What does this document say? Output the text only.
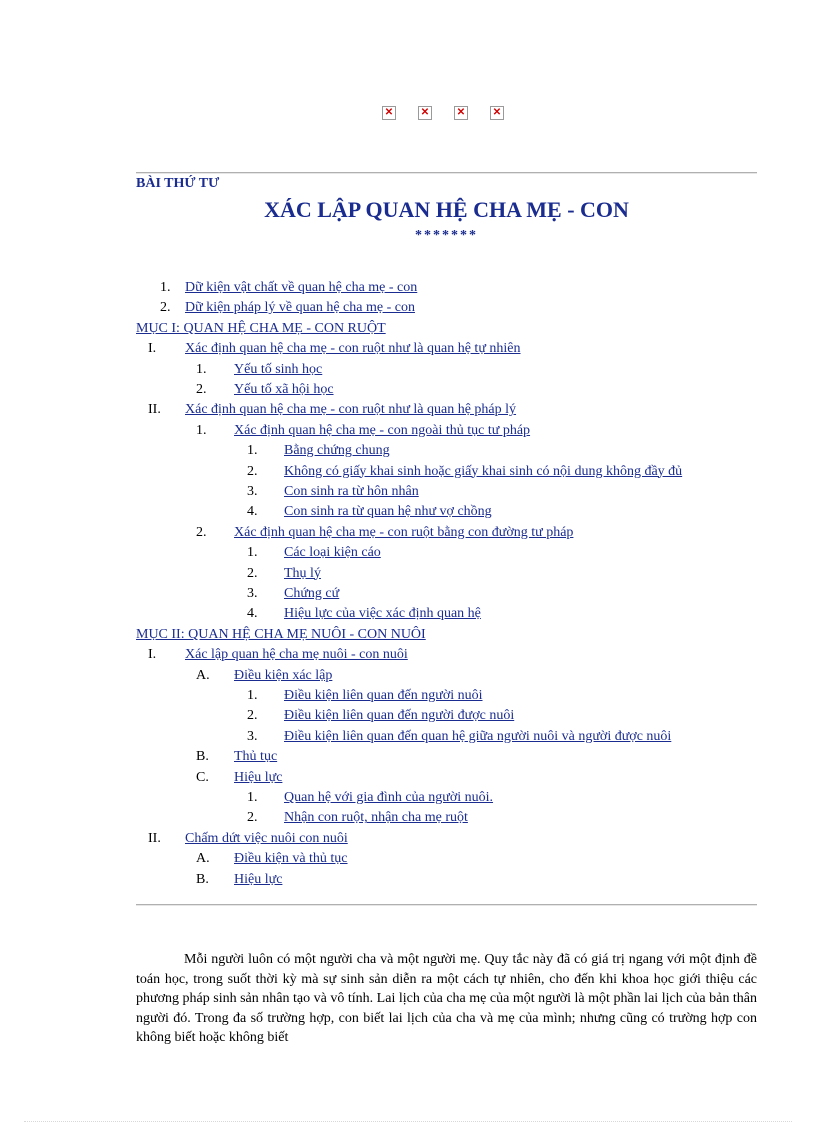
✕	✕	✕	✕
BÀI THỨ TƯ
XÁC LẬP QUAN HỆ CHA MẸ - CON
*******
1. Dữ kiện vật chất về quan hệ cha mẹ - con
2. Dữ kiện pháp lý về quan hệ cha mẹ - con
MỤC I: QUAN HỆ CHA MẸ - CON RUỘT
I. Xác định quan hệ cha mẹ - con ruột như là quan hệ tự nhiên
1. Yếu tố sinh học
2. Yếu tố xã hội học
II. Xác định quan hệ cha mẹ - con ruột như là quan hệ pháp lý
1. Xác định quan hệ cha mẹ - con ngoài thủ tục tư pháp
1. Bằng chứng chung
2. Không có giấy khai sinh hoặc giấy khai sinh có nội dung không đầy đủ
3. Con sinh ra từ hôn nhân
4. Con sinh ra từ quan hệ như vợ chồng
2. Xác định quan hệ cha mẹ - con ruột bằng con đường tư pháp
1. Các loại kiện cáo
2. Thụ lý
3. Chứng cứ
4. Hiệu lực của việc xác định quan hệ
MỤC II: QUAN HỆ CHA MẸ NUÔI - CON NUÔI
I. Xác lập quan hệ cha mẹ nuôi - con nuôi
A. Điều kiện xác lập
1. Điều kiện liên quan đến người nuôi
2. Điều kiện liên quan đến người được nuôi
3. Điều kiện liên quan đến quan hệ giữa người nuôi và người được nuôi
B. Thủ tục
C. Hiệu lực
1. Quan hệ với gia đình của người nuôi.
2. Nhận con ruột, nhận cha mẹ ruột
II. Chấm dứt việc nuôi con nuôi
A. Điều kiện và thủ tục
B. Hiệu lực
Mỗi người luôn có một người cha và một người mẹ. Quy tắc này đã có giá trị ngang với một định đề toán học, trong suốt thời kỳ mà sự sinh sản diễn ra một cách tự nhiên, cho đến khi khoa học giới thiệu các phương pháp sinh sản nhân tạo và vô tính. Lai lịch của cha mẹ của một người là một phần lai lịch của bản thân người đó. Trong đa số trường hợp, con biết lai lịch của cha và mẹ của mình; nhưng cũng có trường hợp con không biết hoặc không biết
